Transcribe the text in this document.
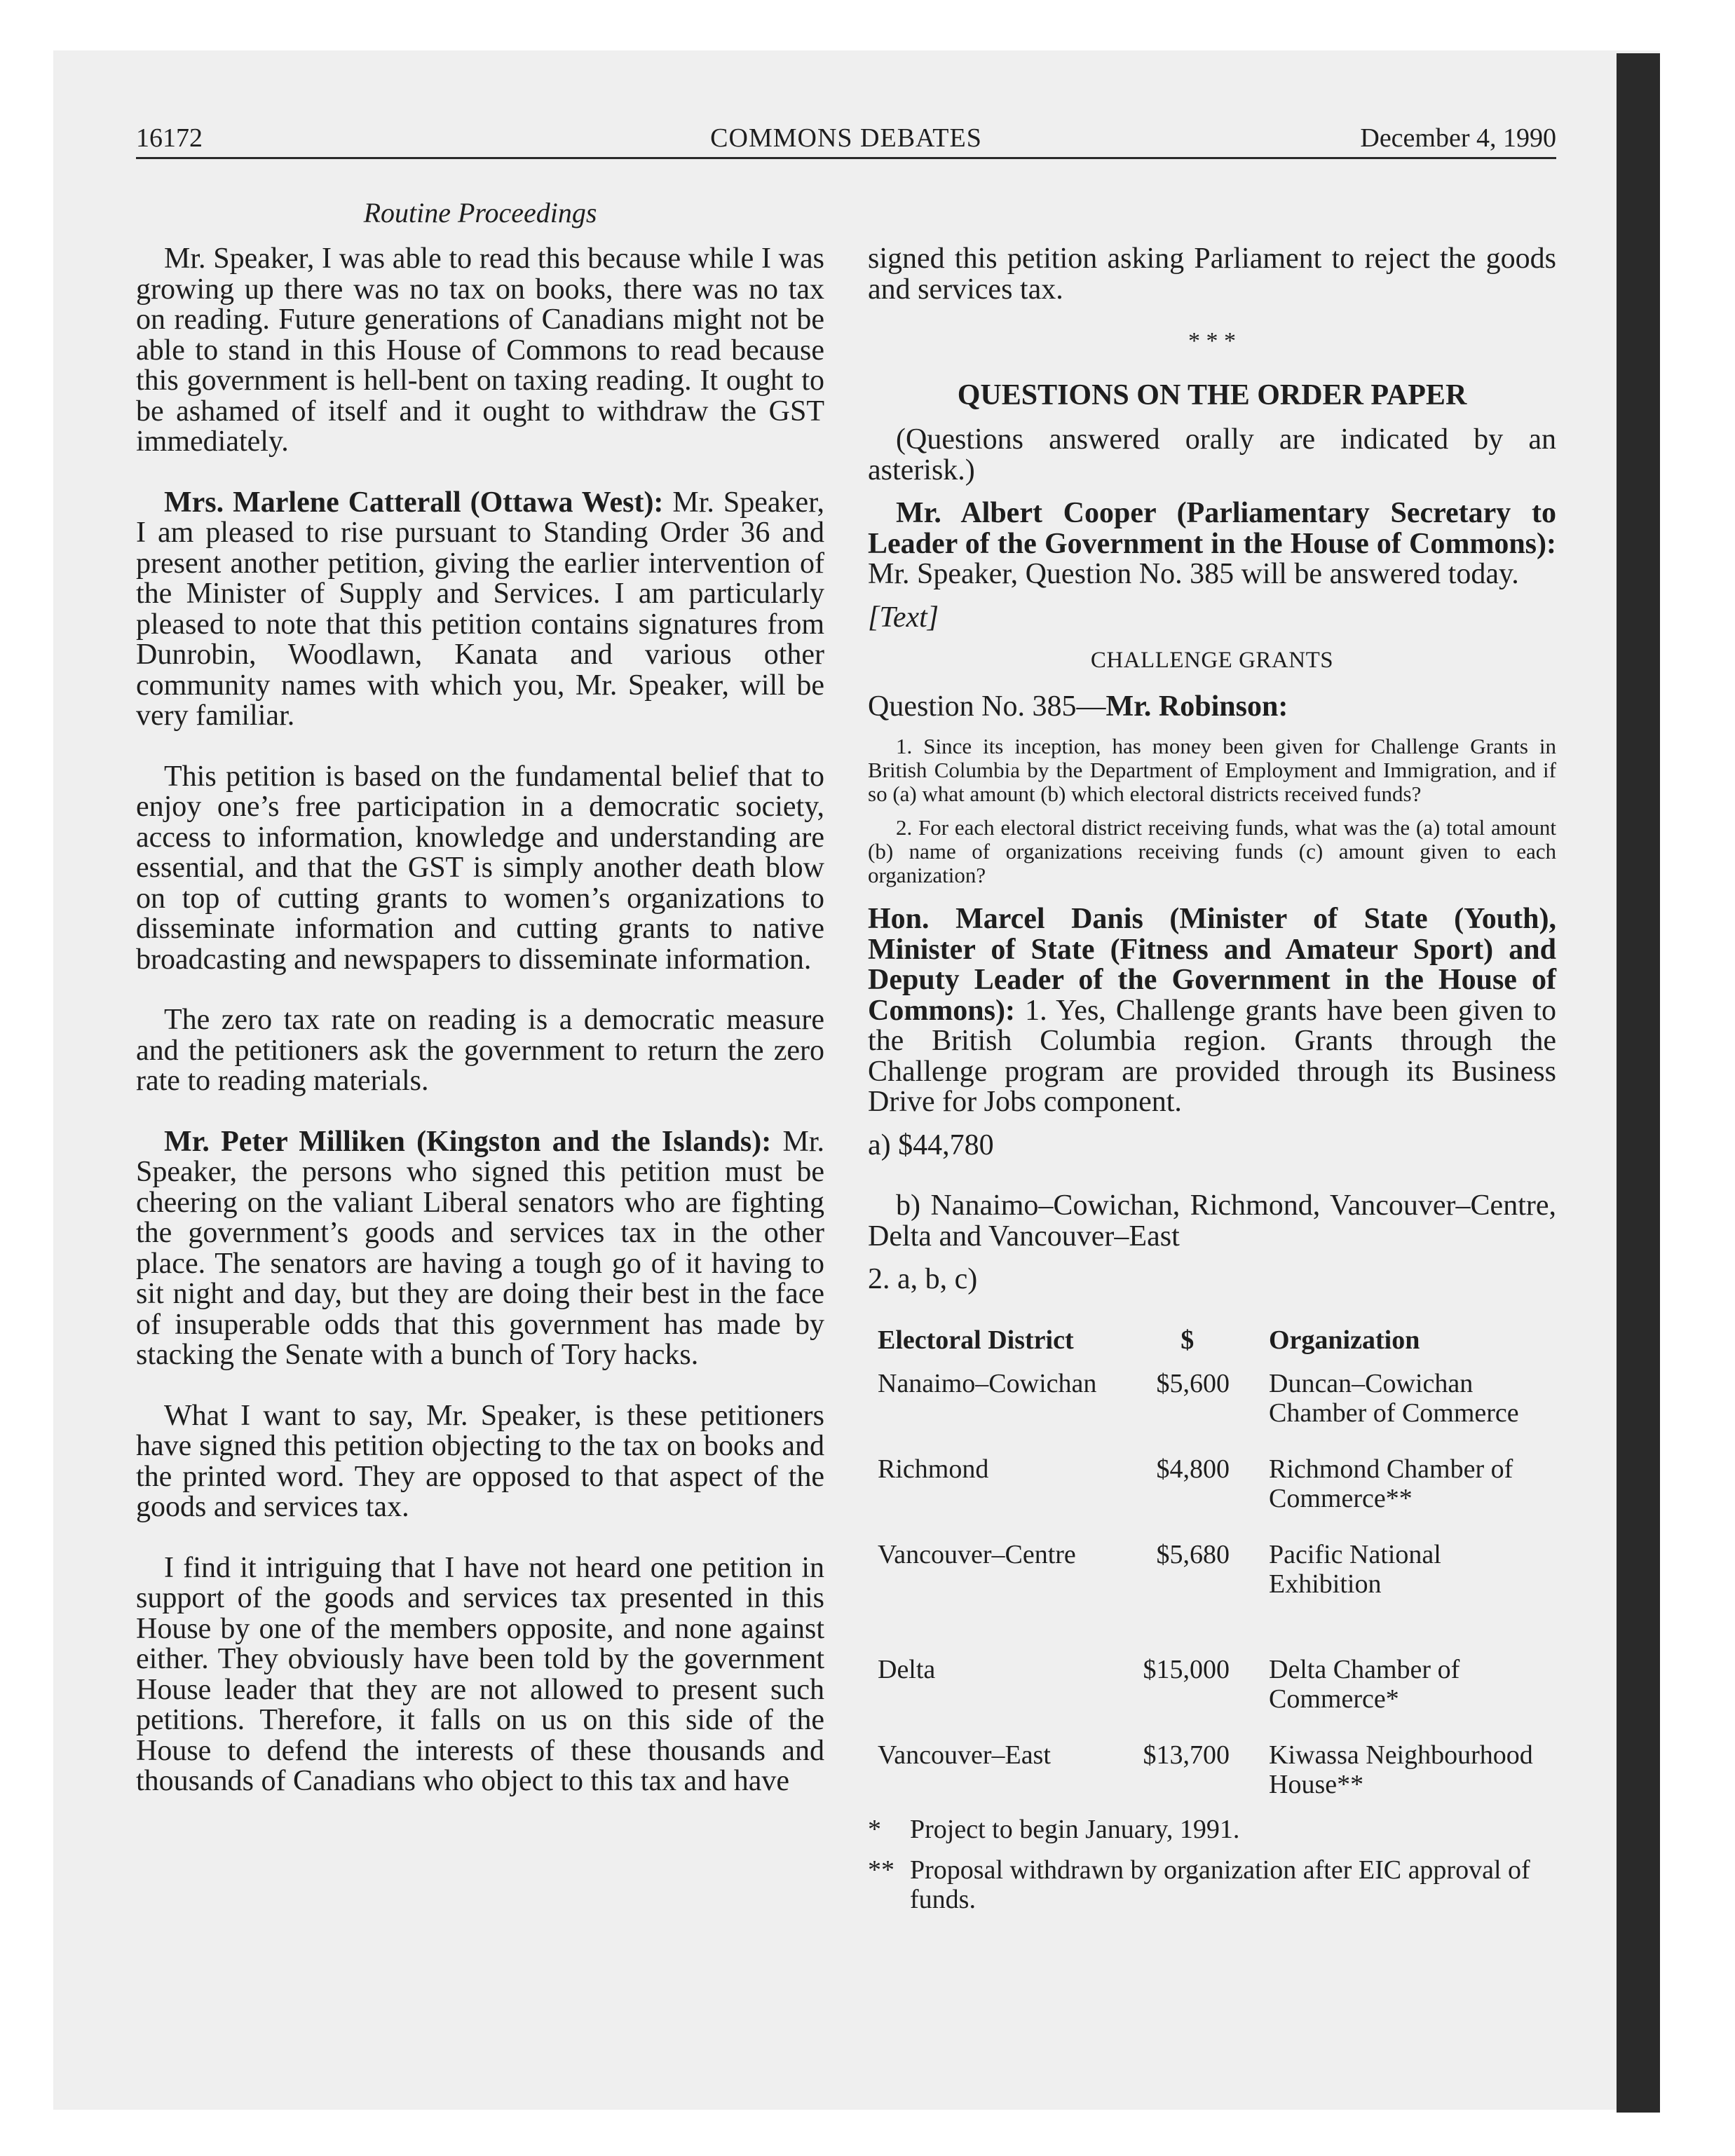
16172	COMMONS DEBATES	December 4, 1990
Routine Proceedings

Mr. Speaker, I was able to read this because while I was growing up there was no tax on books, there was no tax on reading. Future generations of Canadians might not be able to stand in this House of Commons to read because this government is hell-bent on taxing reading. It ought to be ashamed of itself and it ought to withdraw the GST immediately.

Mrs. Marlene Catterall (Ottawa West): Mr. Speaker, I am pleased to rise pursuant to Standing Order 36 and present another petition, giving the earlier intervention of the Minister of Supply and Services. I am particularly pleased to note that this petition contains signatures from Dunrobin, Woodlawn, Kanata and various other community names with which you, Mr. Speaker, will be very familiar.

This petition is based on the fundamental belief that to enjoy one’s free participation in a democratic society, access to information, knowledge and understanding are essential, and that the GST is simply another death blow on top of cutting grants to women’s organizations to disseminate information and cutting grants to native broadcasting and newspapers to disseminate information.

The zero tax rate on reading is a democratic measure and the petitioners ask the government to return the zero rate to reading materials.

Mr. Peter Milliken (Kingston and the Islands): Mr. Speaker, the persons who signed this petition must be cheering on the valiant Liberal senators who are fighting the government’s goods and services tax in the other place. The senators are having a tough go of it having to sit night and day, but they are doing their best in the face of insuperable odds that this government has made by stacking the Senate with a bunch of Tory hacks.

What I want to say, Mr. Speaker, is these petitioners have signed this petition objecting to the tax on books and the printed word. They are opposed to that aspect of the goods and services tax.

I find it intriguing that I have not heard one petition in support of the goods and services tax presented in this House by one of the members opposite, and none against either. They obviously have been told by the government House leader that they are not allowed to present such petitions. Therefore, it falls on us on this side of the House to defend the interests of these thousands and thousands of Canadians who object to this tax and have

signed this petition asking Parliament to reject the goods and services tax.

* * *
QUESTIONS ON THE ORDER PAPER

(Questions answered orally are indicated by an asterisk.)

Mr. Albert Cooper (Parliamentary Secretary to Leader of the Government in the House of Commons): Mr. Speaker, Question No. 385 will be answered today.

[Text]

CHALLENGE GRANTS

Question No. 385—Mr. Robinson:

1. Since its inception, has money been given for Challenge Grants in British Columbia by the Department of Employment and Immigration, and if so (a) what amount (b) which electoral districts received funds?
2. For each electoral district receiving funds, what was the (a) total amount (b) name of organizations receiving funds (c) amount given to each organization?

Hon. Marcel Danis (Minister of State (Youth), Minister of State (Fitness and Amateur Sport) and Deputy Leader of the Government in the House of Commons): 1. Yes, Challenge grants have been given to the British Columbia region. Grants through the Challenge program are provided through its Business Drive for Jobs component.

a) $44,780

b) Nanaimo–Cowichan, Richmond, Vancouver–Centre, Delta and Vancouver–East

2. a, b, c)

Electoral District	$	Organization
Nanaimo–Cowichan	$5,600	Duncan–Cowichan Chamber of Commerce
Richmond	$4,800	Richmond Chamber of Commerce**
Vancouver–Centre	$5,680	Pacific National Exhibition
Delta	$15,000	Delta Chamber of Commerce*
Vancouver–East	$13,700	Kiwassa Neighbourhood House**
*	Project to begin January, 1991.
** Proposal withdrawn by organization after EIC approval of funds.
